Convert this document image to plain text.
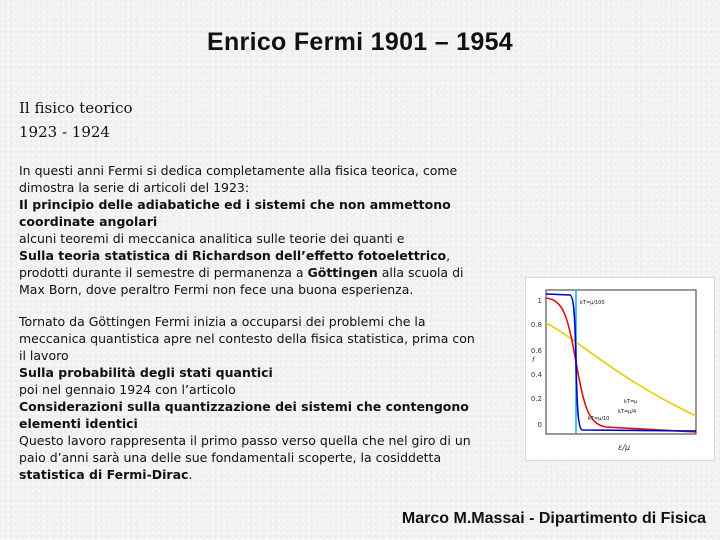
Enrico Fermi 1901 – 1954
Il fisico teorico
1923 - 1924
In questi anni Fermi si dedica completamente alla fisica teorica, come
dimostra la serie di articoli del 1923:
Il principio delle adiabatiche ed i sistemi che non ammettono
coordinate angolari
alcuni teoremi di meccanica analitica sulle teorie dei quanti e
Sulla teoria statistica di Richardson dell’effetto fotoelettrico,
prodotti durante il semestre di permanenza a Göttingen alla scuola di
Max Born, dove peraltro Fermi non fece una buona esperienza.
Tornato da Göttingen Fermi inizia a occuparsi dei problemi che la
meccanica quantistica apre nel contesto della fisica statistica, prima con
il lavoro
Sulla probabilità degli stati quantici
poi nel gennaio 1924 con l’articolo
Considerazioni sulla quantizzazione dei sistemi che contengono
elementi identici
Questo lavoro rappresenta il primo passo verso quella che nel giro di un
paio d’anni sarà una delle sue fondamentali scoperte, la cosiddetta
statistica di Fermi-Dirac.
1
0.8
0.6
0.4
0.2
0
f
kT=μ/100
kT=μ
kT=μ/4
kT=μ/10
ε/μ
Marco M.Massai - Dipartimento di Fisica
